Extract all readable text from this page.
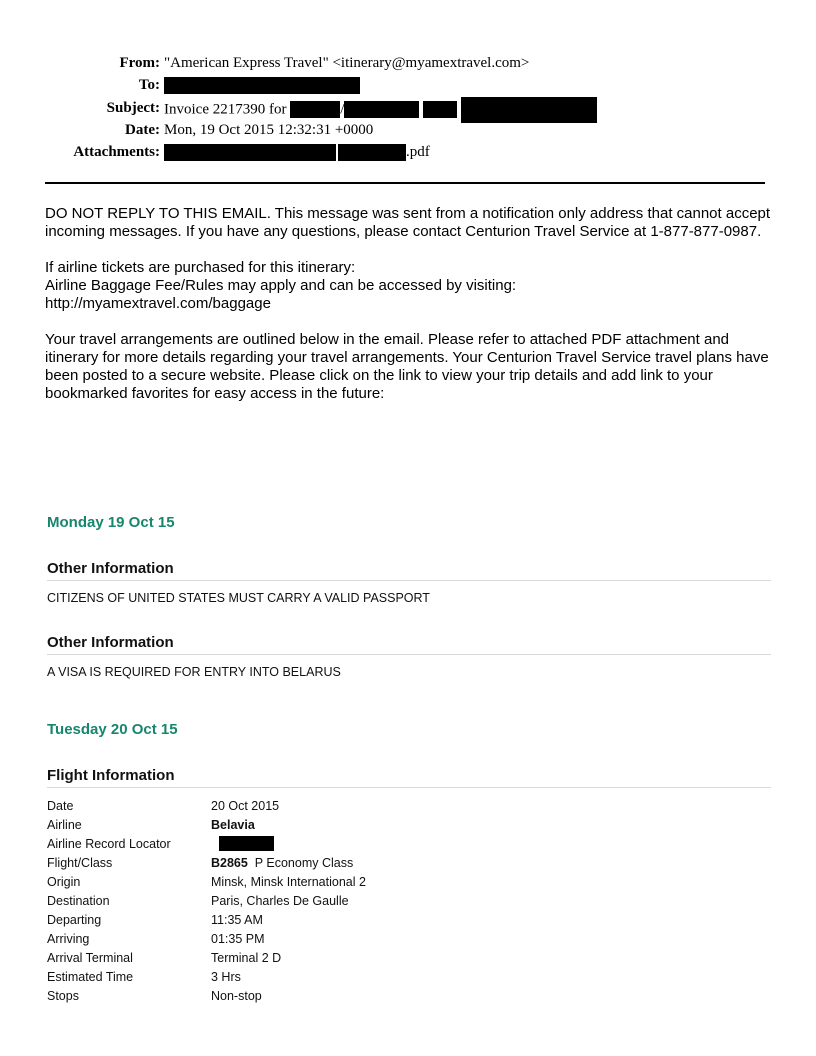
From: "American Express Travel" <itinerary@myamextravel.com>
To:
Subject: Invoice 2217390 for	/
Date: Mon, 19 Oct 2015 12:32:31 +0000
Attachments:	.pdf

DO NOT REPLY TO THIS EMAIL. This message was sent from a notification only address that cannot accept incoming messages. If you have any questions, please contact Centurion Travel Service at 1-877-877-0987.

If airline tickets are purchased for this itinerary:
Airline Baggage Fee/Rules may apply and can be accessed by visiting:
http://myamextravel.com/baggage

Your travel arrangements are outlined below in the email. Please refer to attached PDF attachment and itinerary for more details regarding your travel arrangements. Your Centurion Travel Service travel plans have been posted to a secure website. Please click on the link to view your trip details and add link to your bookmarked favorites for easy access in the future:

Monday 19 Oct 15
Other Information
CITIZENS OF UNITED STATES MUST CARRY A VALID PASSPORT
Other Information
A VISA IS REQUIRED FOR ENTRY INTO BELARUS
Tuesday 20 Oct 15
Flight Information
Date	20 Oct 2015
Airline	Belavia
Airline Record Locator
Flight/Class	B2865 P Economy Class
Origin	Minsk, Minsk International 2
Destination	Paris, Charles De Gaulle
Departing	11:35 AM
Arriving	01:35 PM
Arrival Terminal	Terminal 2 D
Estimated Time	3 Hrs
Stops	Non-stop
